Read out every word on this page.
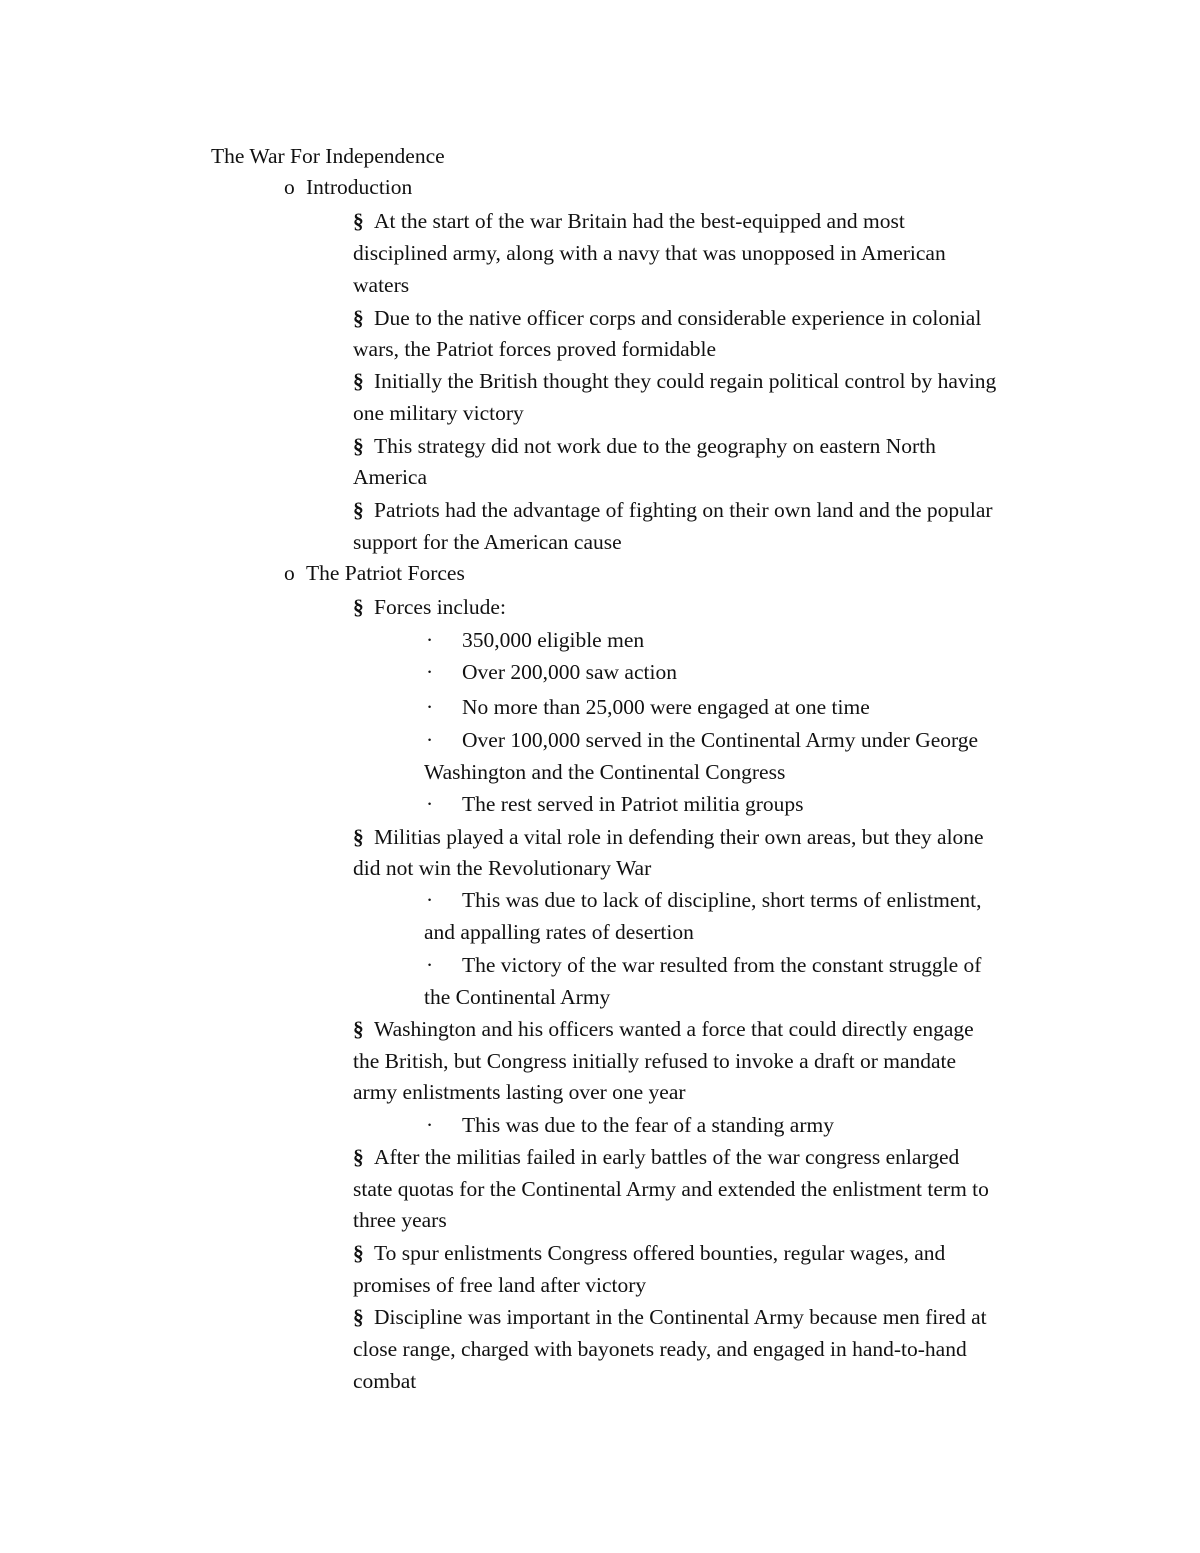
The War For Independence
o Introduction
§ At the start of the war Britain had the best-equipped and most
disciplined army, along with a navy that was unopposed in American
waters
§ Due to the native officer corps and considerable experience in colonial
wars, the Patriot forces proved formidable
§ Initially the British thought they could regain political control by having
one military victory
§ This strategy did not work due to the geography on eastern North
America
§ Patriots had the advantage of fighting on their own land and the popular
support for the American cause
o The Patriot Forces
§ Forces include:
· 350,000 eligible men
· Over 200,000 saw action
· No more than 25,000 were engaged at one time
· Over 100,000 served in the Continental Army under George
Washington and the Continental Congress
· The rest served in Patriot militia groups
§ Militias played a vital role in defending their own areas, but they alone
did not win the Revolutionary War
· This was due to lack of discipline, short terms of enlistment,
and appalling rates of desertion
· The victory of the war resulted from the constant struggle of
the Continental Army
§ Washington and his officers wanted a force that could directly engage
the British, but Congress initially refused to invoke a draft or mandate
army enlistments lasting over one year
· This was due to the fear of a standing army
§ After the militias failed in early battles of the war congress enlarged
state quotas for the Continental Army and extended the enlistment term to
three years
§ To spur enlistments Congress offered bounties, regular wages, and
promises of free land after victory
§ Discipline was important in the Continental Army because men fired at
close range, charged with bayonets ready, and engaged in hand-to-hand
combat
